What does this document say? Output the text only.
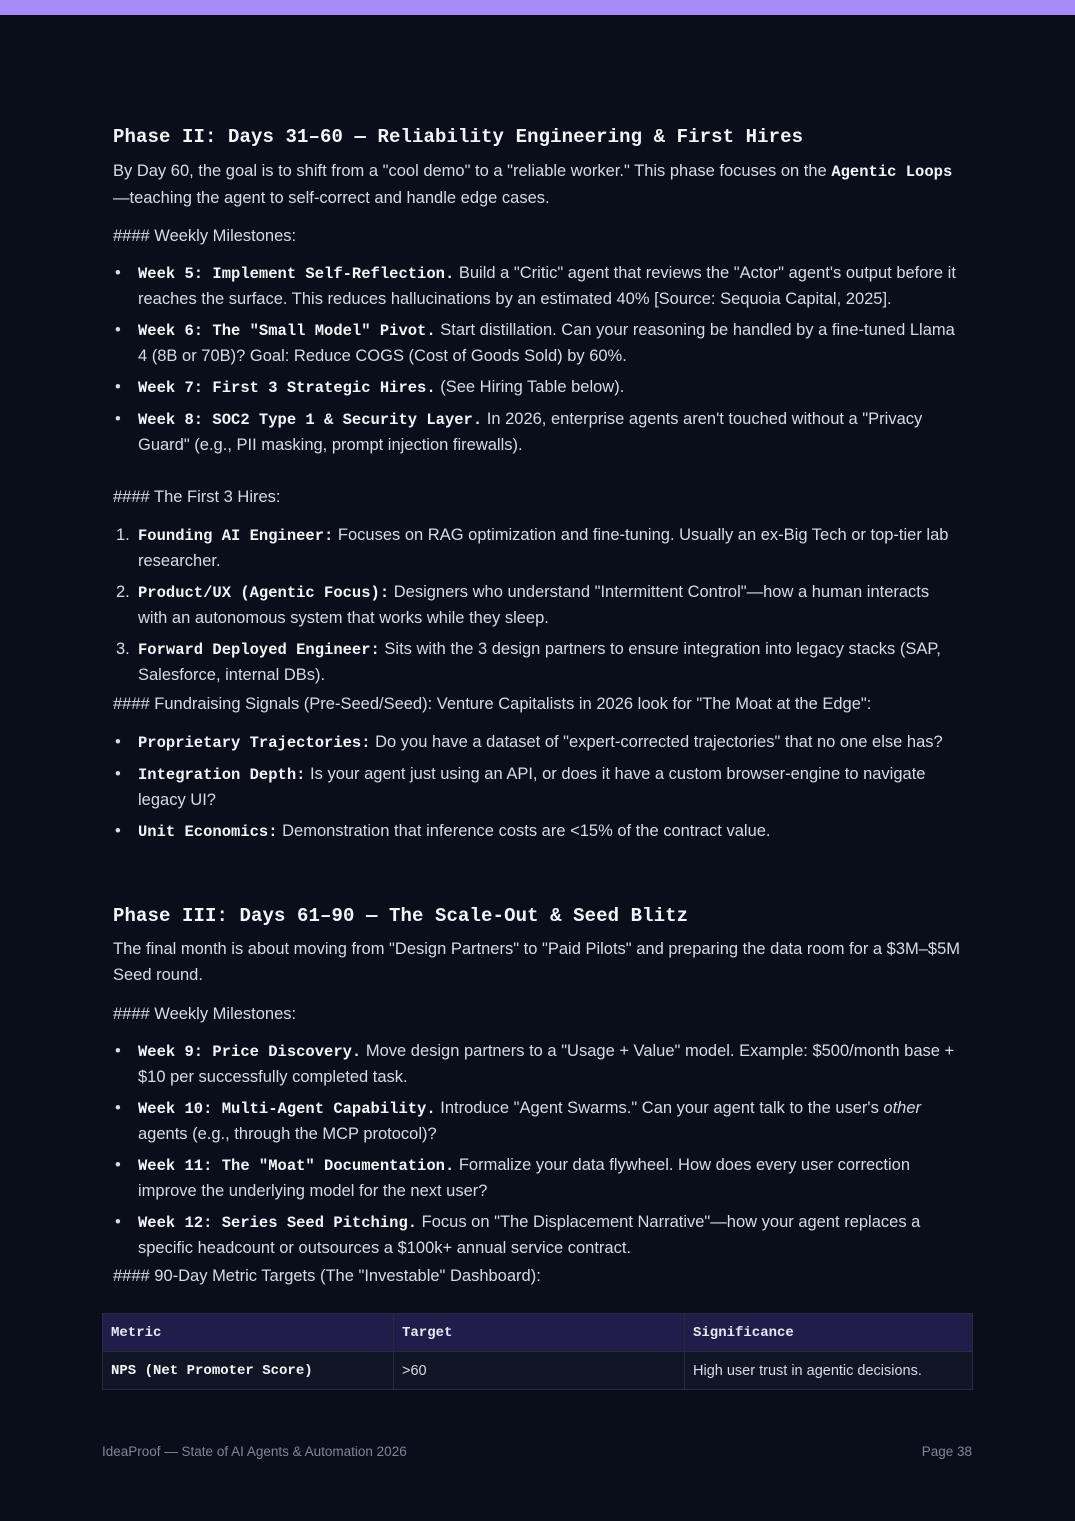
Phase II: Days 31–60 — Reliability Engineering & First Hires

By Day 60, the goal is to shift from a "cool demo" to a "reliable worker." This phase focuses on the Agentic Loops—teaching the agent to self-correct and handle edge cases.

#### Weekly Milestones:
• Week 5: Implement Self-Reflection. Build a "Critic" agent that reviews the "Actor" agent's output before it reaches the surface. This reduces hallucinations by an estimated 40% [Source: Sequoia Capital, 2025].
• Week 6: The "Small Model" Pivot. Start distillation. Can your reasoning be handled by a fine-tuned Llama 4 (8B or 70B)? Goal: Reduce COGS (Cost of Goods Sold) by 60%.
• Week 7: First 3 Strategic Hires. (See Hiring Table below).
• Week 8: SOC2 Type 1 & Security Layer. In 2026, enterprise agents aren't touched without a "Privacy Guard" (e.g., PII masking, prompt injection firewalls).
#### The First 3 Hires:
1. Founding AI Engineer: Focuses on RAG optimization and fine-tuning. Usually an ex-Big Tech or top-tier lab researcher.
2. Product/UX (Agentic Focus): Designers who understand "Intermittent Control"—how a human interacts with an autonomous system that works while they sleep.
3. Forward Deployed Engineer: Sits with the 3 design partners to ensure integration into legacy stacks (SAP, Salesforce, internal DBs).
#### Fundraising Signals (Pre-Seed/Seed): Venture Capitalists in 2026 look for "The Moat at the Edge":
• Proprietary Trajectories: Do you have a dataset of "expert-corrected trajectories" that no one else has?
• Integration Depth: Is your agent just using an API, or does it have a custom browser-engine to navigate legacy UI?
• Unit Economics: Demonstration that inference costs are <15% of the contract value.
Phase III: Days 61–90 — The Scale-Out & Seed Blitz

The final month is about moving from "Design Partners" to "Paid Pilots" and preparing the data room for a $3M–$5M Seed round.

#### Weekly Milestones:
• Week 9: Price Discovery. Move design partners to a "Usage + Value" model. Example: $500/month base + $10 per successfully completed task.
• Week 10: Multi-Agent Capability. Introduce "Agent Swarms." Can your agent talk to the user's other agents (e.g., through the MCP protocol)?
• Week 11: The "Moat" Documentation. Formalize your data flywheel. How does every user correction improve the underlying model for the next user?
• Week 12: Series Seed Pitching. Focus on "The Displacement Narrative"—how your agent replaces a specific headcount or outsources a $100k+ annual service contract.
#### 90-Day Metric Targets (The "Investable" Dashboard):
Metric	Target	Significance
NPS (Net Promoter Score)	>60	High user trust in agentic decisions.
IdeaProof — State of AI Agents & Automation 2026	Page 38
